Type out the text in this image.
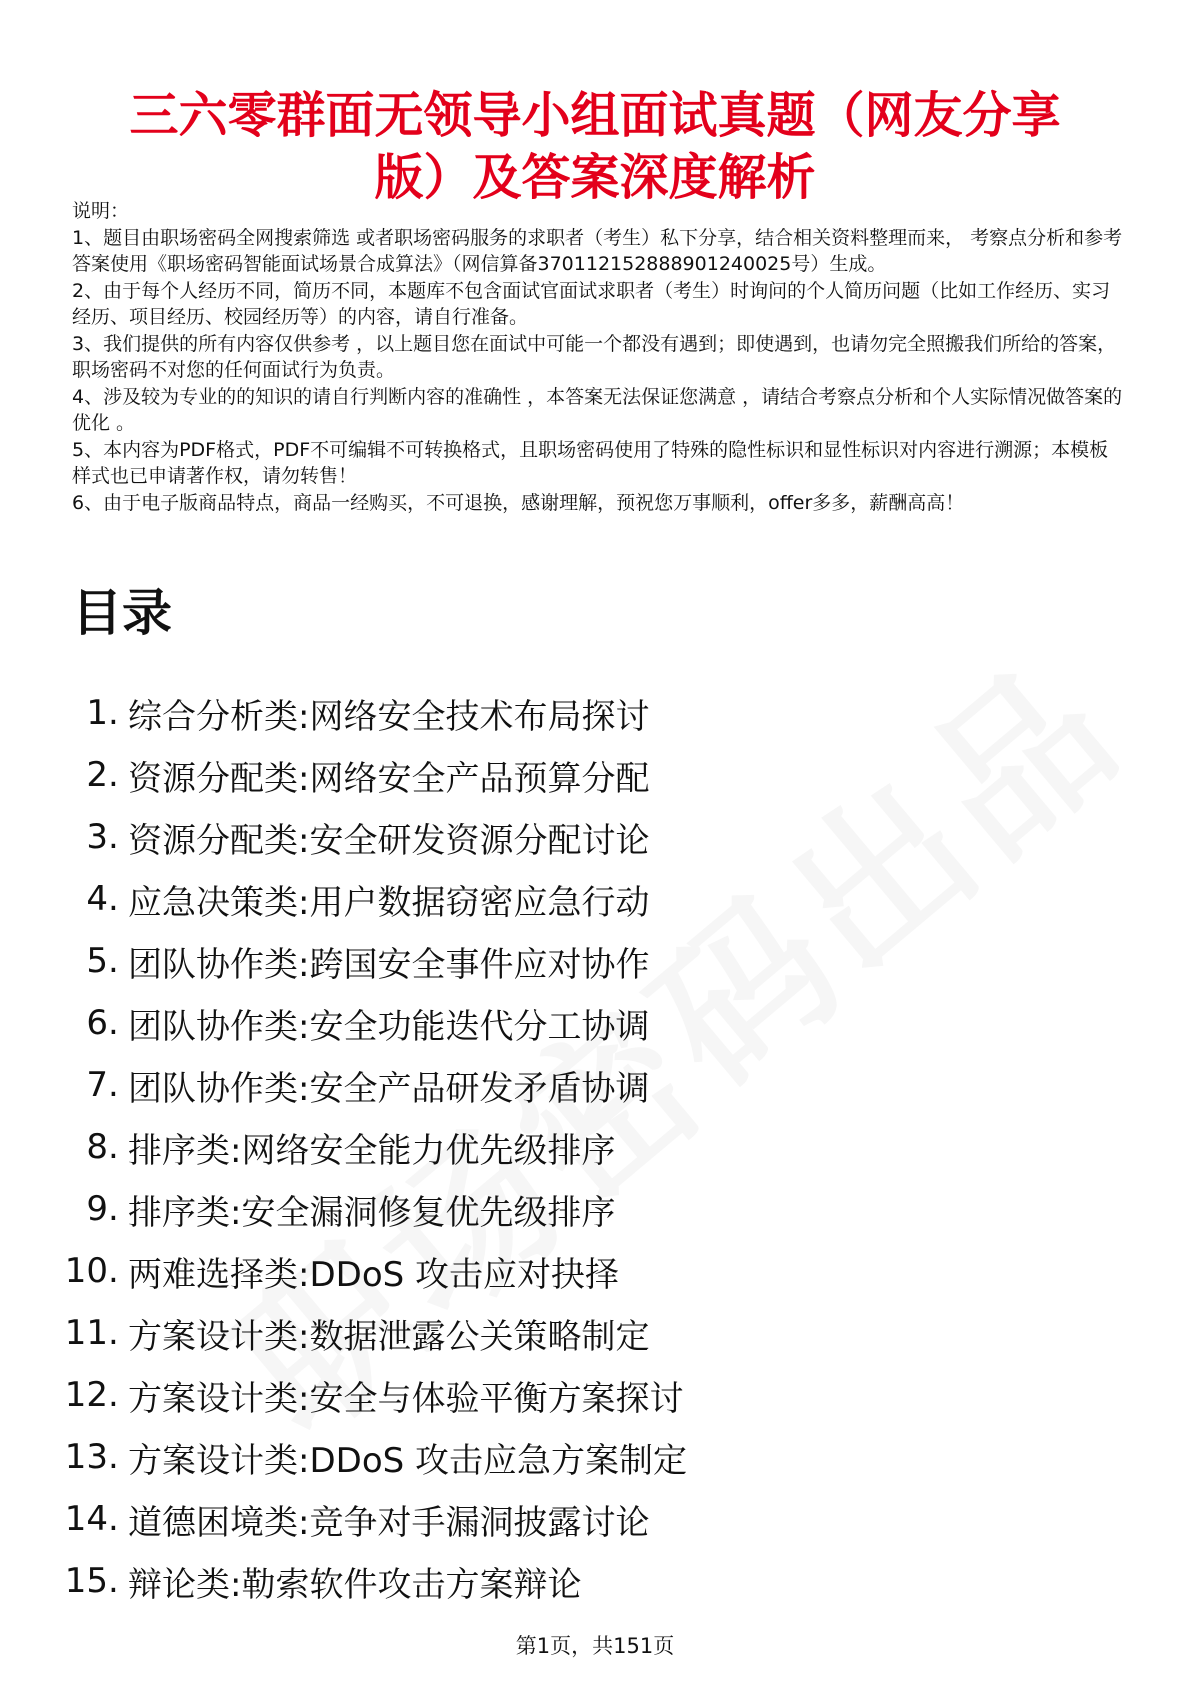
三六零群面无领导小组面试真题（网友分享
版）及答案深度解析

说明：

1、题目由职场密码全网搜索筛选 或者职场密码服务的求职者（考生）私下分享，结合相关资料整理而来， 考察点分析和参考答案使用《职场密码智能面试场景合成算法》（网信算备370112152888901240025号）生成。

2、由于每个人经历不同，简历不同，本题库不包含面试官面试求职者（考生）时询问的个人简历问题（比如工作经历、实习经历、项目经历、校园经历等）的内容，请自行准备。

3、我们提供的所有内容仅供参考 ，以上题目您在面试中可能一个都没有遇到；即使遇到，也请勿完全照搬我们所给的答案，职场密码不对您的任何面试行为负责。

4、涉及较为专业的的知识的请自行判断内容的准确性 ，本答案无法保证您满意 ，请结合考察点分析和个人实际情况做答案的优化 。

5、本内容为PDF格式，PDF不可编辑不可转换格式，且职场密码使用了特殊的隐性标识和显性标识对内容进行溯源；本模板样式也已申请著作权，请勿转售！

6、由于电子版商品特点，商品一经购买，不可退换，感谢理解，预祝您万事顺利，offer多多，薪酬高高！

目录
1 . 综合分析类:网络安全技术布局探讨
2 . 资源分配类:网络安全产品预算分配
3 . 资源分配类:安全研发资源分配讨论
4 . 应急决策类:用户数据窃密应急行动
5 . 团队协作类:跨国安全事件应对协作
6 . 团队协作类:安全功能迭代分工协调
7 . 团队协作类:安全产品研发矛盾协调
8 . 排序类:网络安全能力优先级排序
9 . 排序类:安全漏洞修复优先级排序
10 . 两难选择类:DDoS 攻击应对抉择
11 . 方案设计类:数据泄露公关策略制定
12 . 方案设计类:安全与体验平衡方案探讨
13 . 方案设计类:DDoS 攻击应急方案制定
14 . 道德困境类:竞争对手漏洞披露讨论
15 . 辩论类:勒索软件攻击方案辩论
第1页，共151页
